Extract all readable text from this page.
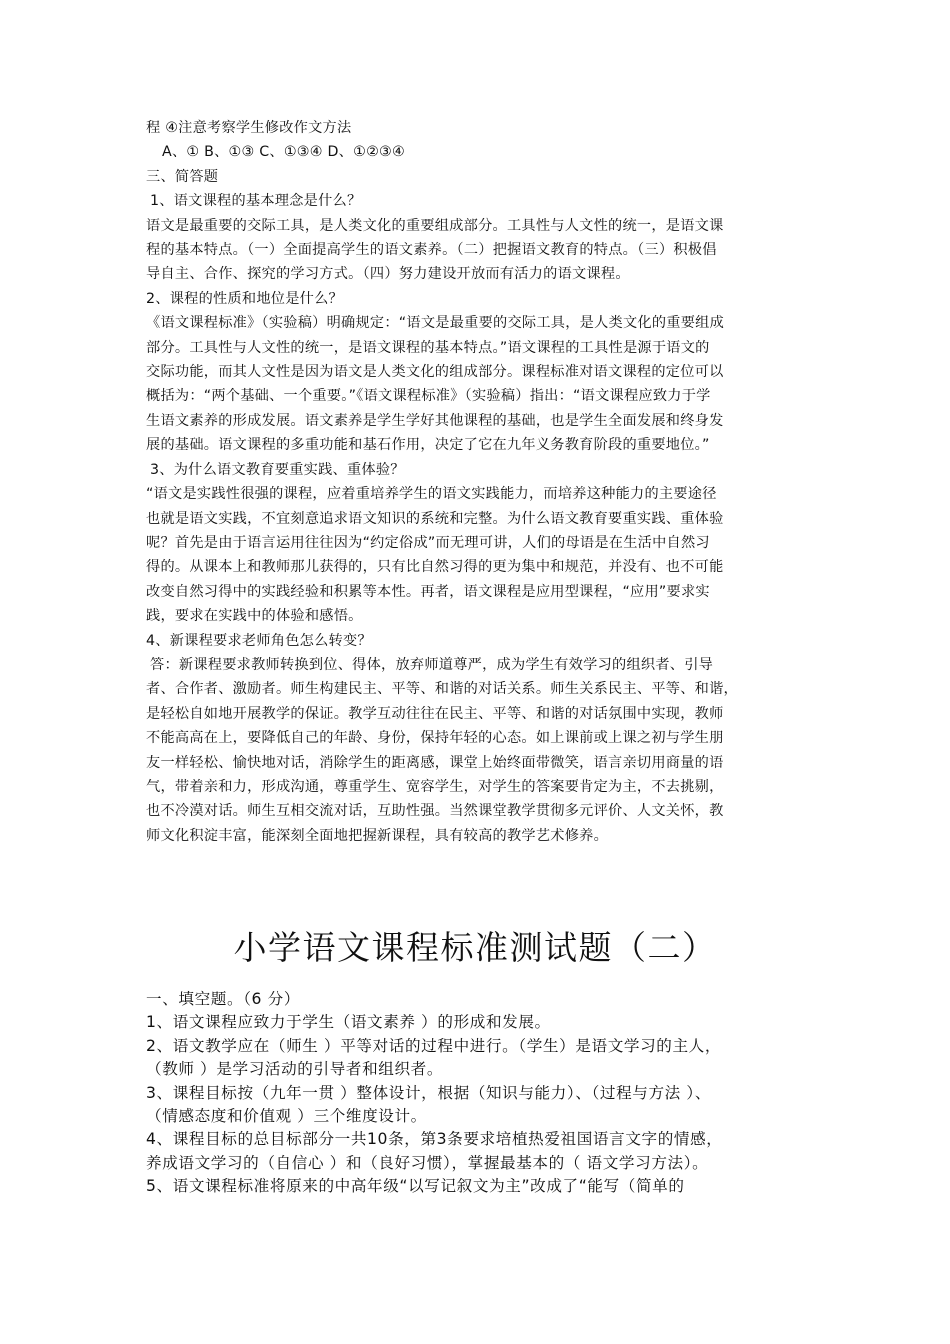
程 ④注意考察学生修改作文方法
A、① B、①③ C、①③④ D、①②③④
三、简答题
1、语文课程的基本理念是什么？
语文是最重要的交际工具，是人类文化的重要组成部分。工具性与人文性的统一，是语文课
程的基本特点。（一）全面提高学生的语文素养。（二）把握语文教育的特点。（三）积极倡
导自主、合作、探究的学习方式。（四）努力建设开放而有活力的语文课程。
2、课程的性质和地位是什么？
《语文课程标准》（实验稿）明确规定：“语文是最重要的交际工具，是人类文化的重要组成
部分。工具性与人文性的统一，是语文课程的基本特点。”语文课程的工具性是源于语文的
交际功能，而其人文性是因为语文是人类文化的组成部分。课程标准对语文课程的定位可以
概括为：“两个基础、一个重要。”《语文课程标准》（实验稿）指出：“语文课程应致力于学
生语文素养的形成发展。语文素养是学生学好其他课程的基础，也是学生全面发展和终身发
展的基础。语文课程的多重功能和基石作用，决定了它在九年义务教育阶段的重要地位。”
3、为什么语文教育要重实践、重体验？
“语文是实践性很强的课程，应着重培养学生的语文实践能力，而培养这种能力的主要途径
也就是语文实践，不宜刻意追求语文知识的系统和完整。为什么语文教育要重实践、重体验
呢？首先是由于语言运用往往因为“约定俗成”而无理可讲，人们的母语是在生活中自然习
得的。从课本上和教师那儿获得的，只有比自然习得的更为集中和规范，并没有、也不可能
改变自然习得中的实践经验和积累等本性。再者，语文课程是应用型课程，“应用”要求实
践，要求在实践中的体验和感悟。
4、新课程要求老师角色怎么转变？
答：新课程要求教师转换到位、得体，放弃师道尊严，成为学生有效学习的组织者、引导
者、合作者、激励者。师生构建民主、平等、和谐的对话关系。师生关系民主、平等、和谐，
是轻松自如地开展教学的保证。教学互动往往在民主、平等、和谐的对话氛围中实现，教师
不能高高在上，要降低自己的年龄、身份，保持年轻的心态。如上课前或上课之初与学生朋
友一样轻松、愉快地对话，消除学生的距离感，课堂上始终面带微笑，语言亲切用商量的语
气，带着亲和力，形成沟通，尊重学生、宽容学生，对学生的答案要肯定为主，不去挑剔，
也不冷漠对话。师生互相交流对话，互助性强。当然课堂教学贯彻多元评价、人文关怀，教
师文化积淀丰富，能深刻全面地把握新课程，具有较高的教学艺术修养。
小学语文课程标准测试题（二）
一、填空题。（6 分）
1、语文课程应致力于学生（语文素养 ）的形成和发展。
2、语文教学应在（师生 ）平等对话的过程中进行。（学生）是语文学习的主人，
（教师 ）是学习活动的引导者和组织者。
3、课程目标按（九年一贯 ）整体设计，根据（知识与能力）、（过程与方法 ）、
（情感态度和价值观 ）三个维度设计。
4、课程目标的总目标部分一共10条，第3条要求培植热爱祖国语言文字的情感，
养成语文学习的（自信心 ）和（良好习惯），掌握最基本的（ 语文学习方法）。
5、语文课程标准将原来的中高年级“以写记叙文为主”改成了“能写（简单的
